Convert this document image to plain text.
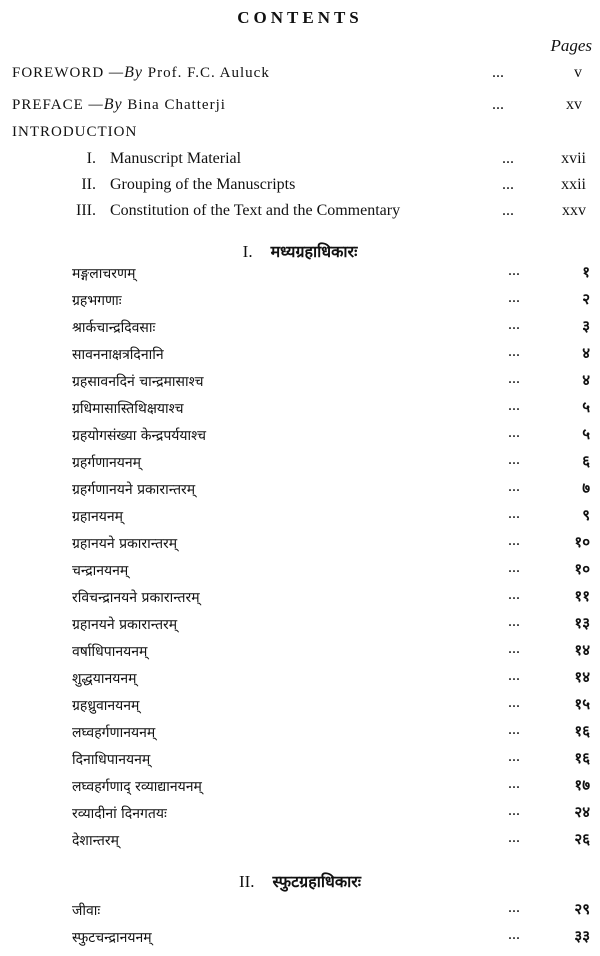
CONTENTS
Pages
FOREWORD —By Prof. F.C. Auluck	...	v
PREFACE —By Bina Chatterji	...	xv
INTRODUCTION
I. Manuscript Material	...	xvii
II. Grouping of the Manuscripts	...	xxii
III. Constitution of the Text and the Commentary	...	xxv
I. मध्यग्रहाधिकारः
मङ्गलाचरणम्	...	१
ग्रहभगणाः	...	२
श्रार्कचान्द्रदिवसाः	...	३
सावननाक्षत्रदिनानि	...	४
ग्रहसावनदिनं चान्द्रमासाश्च	...	४
ग्रधिमासास्तिथिक्षयाश्च	...	५
ग्रहयोगसंख्या केन्द्रपर्ययाश्च	...	५
ग्रहर्गणानयनम्	...	६
ग्रहर्गणानयने प्रकारान्तरम्	...	७
ग्रहानयनम्	...	९
ग्रहानयने प्रकारान्तरम्	...	१०
चन्द्रानयनम्	...	१०
रविचन्द्रानयने प्रकारान्तरम्	...	११
ग्रहानयने प्रकारान्तरम्	...	१३
वर्षाधिपानयनम्	...	१४
शुद्धयानयनम्	...	१४
ग्रहध्रुवानयनम्	...	१५
लघ्वहर्गणानयनम्	...	१६
दिनाधिपानयनम्	...	१६
लघ्वहर्गणाद् रव्याद्यानयनम्	...	१७
रव्यादीनां दिनगतयः	...	२४
देशान्तरम्	...	२६
II. स्फुटग्रहाधिकारः
जीवाः	...	२९
स्फुटचन्द्रानयनम्	...	३३
